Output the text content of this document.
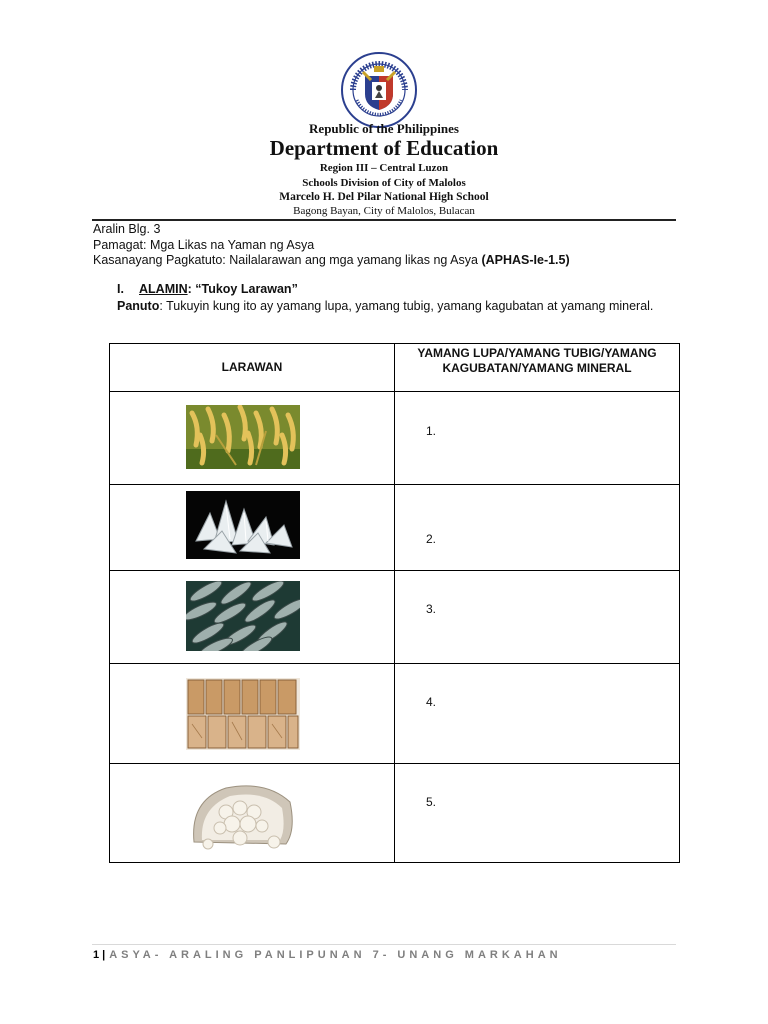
Republic of the Philippines
Department of Education
Region III – Central Luzon
Schools Division of City of Malolos
Marcelo H. Del Pilar National High School
Bagong Bayan, City of Malolos, Bulacan
Aralin Blg. 3
Pamagat: Mga Likas na Yaman ng Asya
Kasanayang Pagkatuto: Nailalarawan ang mga yamang likas ng Asya (APHAS-Ie-1.5)
I. ALAMIN: “Tukoy Larawan”
Panuto: Tukuyin kung ito ay yamang lupa, yamang tubig, yamang kagubatan at yamang mineral.
LARAWAN
YAMANG LUPA/YAMANG TUBIG/YAMANG KAGUBATAN/YAMANG MINERAL
1.
2.
3.
4.
5.
1 | ASYA- ARALING PANLIPUNAN 7- UNANG MARKAHAN
